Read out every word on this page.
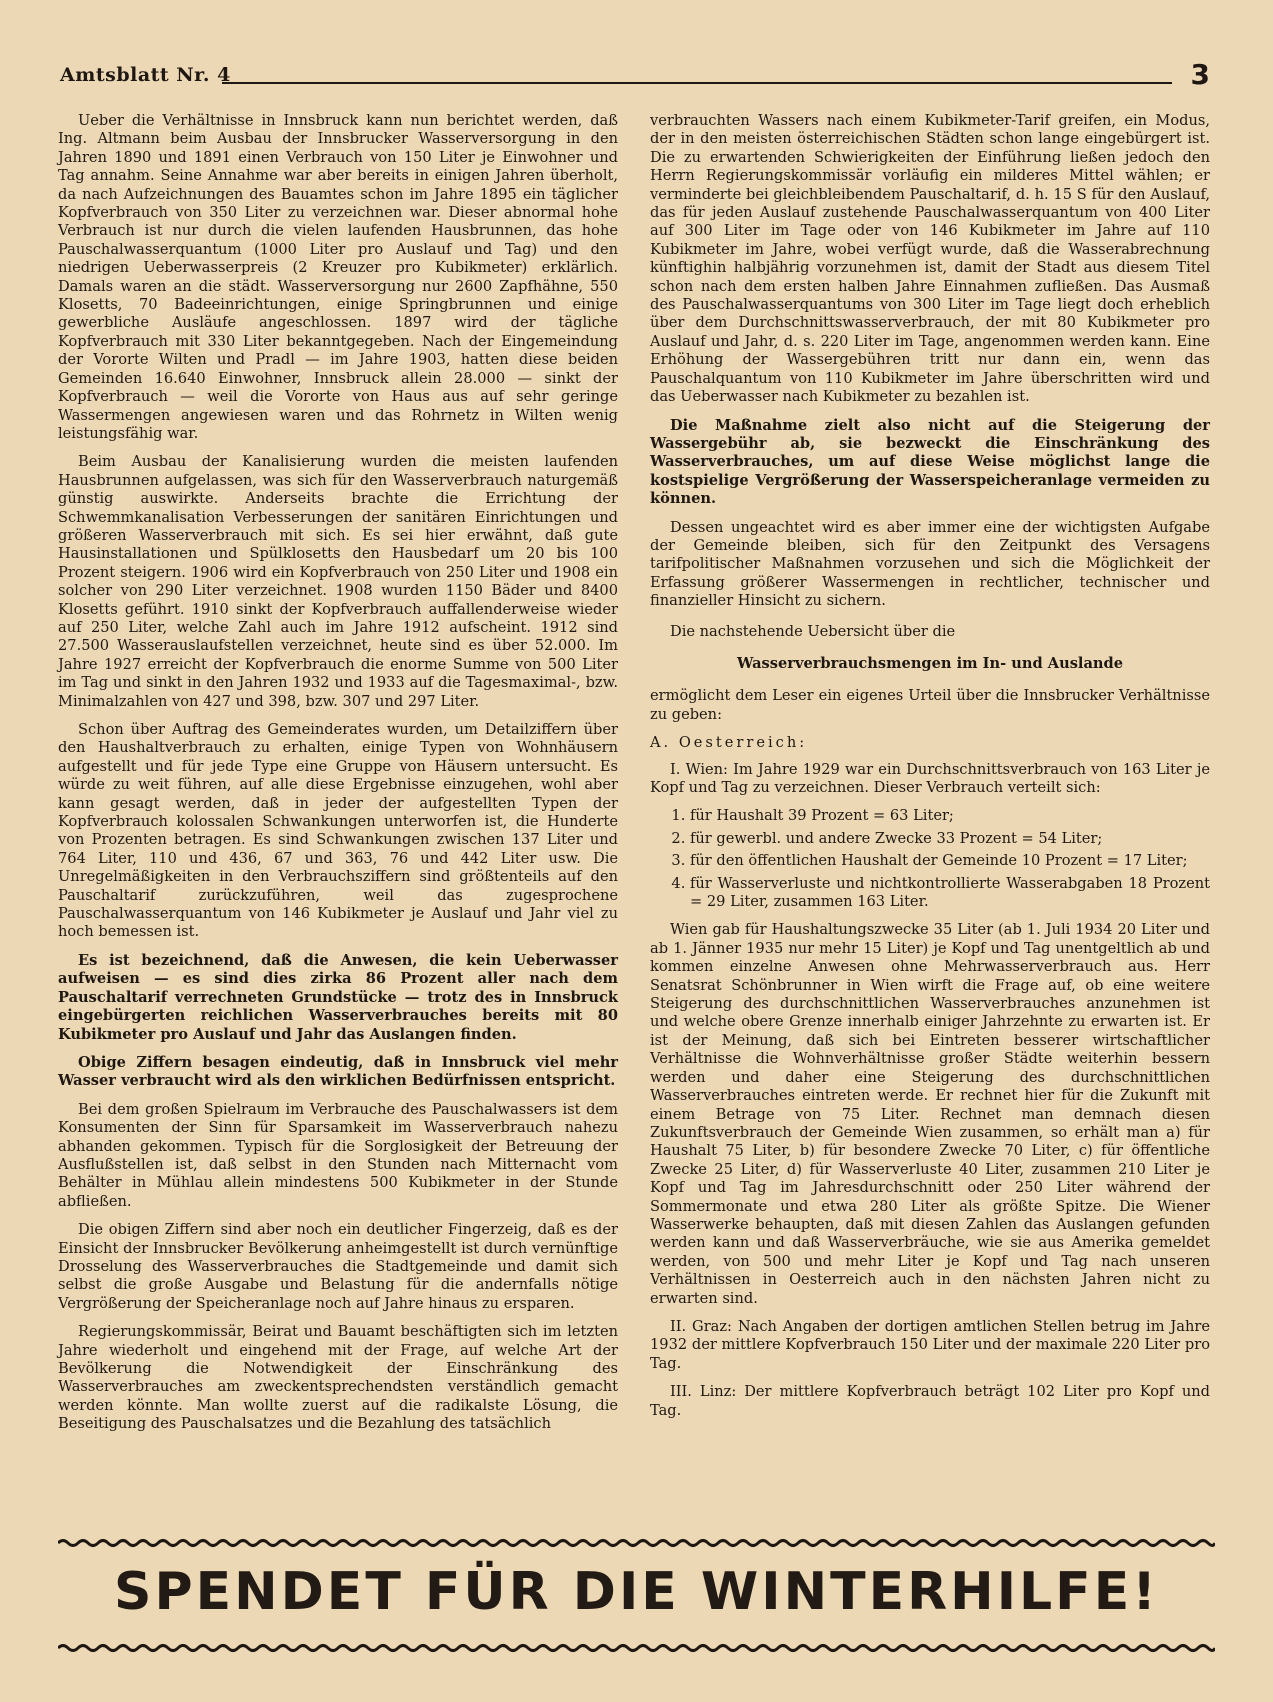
Amtsblatt Nr. 4	3

Ueber die Verhältnisse in Innsbruck kann nun berichtet werden, daß Ing. Altmann beim Ausbau der Innsbrucker Wasserversorgung in den Jahren 1890 und 1891 einen Verbrauch von 150 Liter je Einwohner und Tag annahm. Seine Annahme war aber bereits in einigen Jahren überholt, da nach Aufzeichnungen des Bauamtes schon im Jahre 1895 ein täglicher Kopfverbrauch von 350 Liter zu verzeichnen war. Dieser abnormal hohe Verbrauch ist nur durch die vielen laufenden Hausbrunnen, das hohe Pauschalwasserquantum (1000 Liter pro Auslauf und Tag) und den niedrigen Ueberwasserpreis (2 Kreuzer pro Kubikmeter) erklärlich. Damals waren an die städt. Wasserversorgung nur 2600 Zapfhähne, 550 Klosetts, 70 Badeeinrichtungen, einige Springbrunnen und einige gewerbliche Ausläufe angeschlossen. 1897 wird der tägliche Kopfverbrauch mit 330 Liter bekanntgegeben. Nach der Eingemeindung der Vororte Wilten und Pradl — im Jahre 1903, hatten diese beiden Gemeinden 16.640 Einwohner, Innsbruck allein 28.000 — sinkt der Kopfverbrauch — weil die Vororte von Haus aus auf sehr geringe Wassermengen angewiesen waren und das Rohrnetz in Wilten wenig leistungsfähig war.

Beim Ausbau der Kanalisierung wurden die meisten laufenden Hausbrunnen aufgelassen, was sich für den Wasserverbrauch naturgemäß günstig auswirkte. Anderseits brachte die Errichtung der Schwemmkanalisation Verbesserungen der sanitären Einrichtungen und größeren Wasserverbrauch mit sich. Es sei hier erwähnt, daß gute Hausinstallationen und Spülklosetts den Hausbedarf um 20 bis 100 Prozent steigern. 1906 wird ein Kopfverbrauch von 250 Liter und 1908 ein solcher von 290 Liter verzeichnet. 1908 wurden 1150 Bäder und 8400 Klosetts geführt. 1910 sinkt der Kopfverbrauch auffallenderweise wieder auf 250 Liter, welche Zahl auch im Jahre 1912 aufscheint. 1912 sind 27.500 Wasserauslaufstellen verzeichnet, heute sind es über 52.000. Im Jahre 1927 erreicht der Kopfverbrauch die enorme Summe von 500 Liter im Tag und sinkt in den Jahren 1932 und 1933 auf die Tagesmaximal-, bzw. Minimalzahlen von 427 und 398, bzw. 307 und 297 Liter.

Schon über Auftrag des Gemeinderates wurden, um Detailziffern über den Haushaltverbrauch zu erhalten, einige Typen von Wohnhäusern aufgestellt und für jede Type eine Gruppe von Häusern untersucht. Es würde zu weit führen, auf alle diese Ergebnisse einzugehen, wohl aber kann gesagt werden, daß in jeder der aufgestellten Typen der Kopfverbrauch kolossalen Schwankungen unterworfen ist, die Hunderte von Prozenten betragen. Es sind Schwankungen zwischen 137 Liter und 764 Liter, 110 und 436, 67 und 363, 76 und 442 Liter usw. Die Unregelmäßigkeiten in den Verbrauchsziffern sind größtenteils auf den Pauschaltarif zurückzuführen, weil das zugesprochene Pauschalwasserquantum von 146 Kubikmeter je Auslauf und Jahr viel zu hoch bemessen ist.

Es ist bezeichnend, daß die Anwesen, die kein Ueberwasser aufweisen — es sind dies zirka 86 Prozent aller nach dem Pauschaltarif verrechneten Grundstücke — trotz des in Innsbruck eingebürgerten reichlichen Wasserverbrauches bereits mit 80 Kubikmeter pro Auslauf und Jahr das Auslangen finden.

Obige Ziffern besagen eindeutig, daß in Innsbruck viel mehr Wasser verbraucht wird als den wirklichen Bedürfnissen entspricht.

Bei dem großen Spielraum im Verbrauche des Pauschalwassers ist dem Konsumenten der Sinn für Sparsamkeit im Wasserverbrauch nahezu abhanden gekommen. Typisch für die Sorglosigkeit der Betreuung der Ausflußstellen ist, daß selbst in den Stunden nach Mitternacht vom Behälter in Mühlau allein mindestens 500 Kubikmeter in der Stunde abfließen.

Die obigen Ziffern sind aber noch ein deutlicher Fingerzeig, daß es der Einsicht der Innsbrucker Bevölkerung anheimgestellt ist durch vernünftige Drosselung des Wasserverbrauches die Stadtgemeinde und damit sich selbst die große Ausgabe und Belastung für die andernfalls nötige Vergrößerung der Speicheranlage noch auf Jahre hinaus zu ersparen.

Regierungskommissär, Beirat und Bauamt beschäftigten sich im letzten Jahre wiederholt und eingehend mit der Frage, auf welche Art der Bevölkerung die Notwendigkeit der Einschränkung des Wasserverbrauches am zweckentsprechendsten verständlich gemacht werden könnte. Man wollte zuerst auf die radikalste Lösung, die Beseitigung des Pauschalsatzes und die Bezahlung des tatsächlich

verbrauchten Wassers nach einem Kubikmeter-Tarif greifen, ein Modus, der in den meisten österreichischen Städten schon lange eingebürgert ist. Die zu erwartenden Schwierigkeiten der Einführung ließen jedoch den Herrn Regierungskommissär vorläufig ein milderes Mittel wählen; er verminderte bei gleichbleibendem Pauschaltarif, d. h. 15 S für den Auslauf, das für jeden Auslauf zustehende Pauschalwasserquantum von 400 Liter auf 300 Liter im Tage oder von 146 Kubikmeter im Jahre auf 110 Kubikmeter im Jahre, wobei verfügt wurde, daß die Wasserabrechnung künftighin halbjährig vorzunehmen ist, damit der Stadt aus diesem Titel schon nach dem ersten halben Jahre Einnahmen zufließen. Das Ausmaß des Pauschalwasserquantums von 300 Liter im Tage liegt doch erheblich über dem Durchschnittswasserverbrauch, der mit 80 Kubikmeter pro Auslauf und Jahr, d. s. 220 Liter im Tage, angenommen werden kann. Eine Erhöhung der Wassergebühren tritt nur dann ein, wenn das Pauschalquantum von 110 Kubikmeter im Jahre überschritten wird und das Ueberwasser nach Kubikmeter zu bezahlen ist.

Die Maßnahme zielt also nicht auf die Steigerung der Wassergebühr ab, sie bezweckt die Einschränkung des Wasserverbrauches, um auf diese Weise möglichst lange die kostspielige Vergrößerung der Wasserspeicheranlage vermeiden zu können.

Dessen ungeachtet wird es aber immer eine der wichtigsten Aufgabe der Gemeinde bleiben, sich für den Zeitpunkt des Versagens tarifpolitischer Maßnahmen vorzusehen und sich die Möglichkeit der Erfassung größerer Wassermengen in rechtlicher, technischer und finanzieller Hinsicht zu sichern.

Die nachstehende Uebersicht über die

Wasserverbrauchsmengen im In- und Auslande

ermöglicht dem Leser ein eigenes Urteil über die Innsbrucker Verhältnisse zu geben:

A. Oesterreich:

I. Wien: Im Jahre 1929 war ein Durchschnittsverbrauch von 163 Liter je Kopf und Tag zu verzeichnen. Dieser Verbrauch verteilt sich:

1. für Haushalt 39 Prozent = 63 Liter;
2. für gewerbl. und andere Zwecke 33 Prozent = 54 Liter;
3. für den öffentlichen Haushalt der Gemeinde 10 Prozent = 17 Liter;
4. für Wasserverluste und nichtkontrollierte Wasserabgaben 18 Prozent = 29 Liter, zusammen 163 Liter.

Wien gab für Haushaltungszwecke 35 Liter (ab 1. Juli 1934 20 Liter und ab 1. Jänner 1935 nur mehr 15 Liter) je Kopf und Tag unentgeltlich ab und kommen einzelne Anwesen ohne Mehrwasserverbrauch aus. Herr Senatsrat Schönbrunner in Wien wirft die Frage auf, ob eine weitere Steigerung des durchschnittlichen Wasserverbrauches anzunehmen ist und welche obere Grenze innerhalb einiger Jahrzehnte zu erwarten ist. Er ist der Meinung, daß sich bei Eintreten besserer wirtschaftlicher Verhältnisse die Wohnverhältnisse großer Städte weiterhin bessern werden und daher eine Steigerung des durchschnittlichen Wasserverbrauches eintreten werde. Er rechnet hier für die Zukunft mit einem Betrage von 75 Liter. Rechnet man demnach diesen Zukunftsverbrauch der Gemeinde Wien zusammen, so erhält man a) für Haushalt 75 Liter, b) für besondere Zwecke 70 Liter, c) für öffentliche Zwecke 25 Liter, d) für Wasserverluste 40 Liter, zusammen 210 Liter je Kopf und Tag im Jahresdurchschnitt oder 250 Liter während der Sommermonate und etwa 280 Liter als größte Spitze. Die Wiener Wasserwerke behaupten, daß mit diesen Zahlen das Auslangen gefunden werden kann und daß Wasserverbräuche, wie sie aus Amerika gemeldet werden, von 500 und mehr Liter je Kopf und Tag nach unseren Verhältnissen in Oesterreich auch in den nächsten Jahren nicht zu erwarten sind.

II. Graz: Nach Angaben der dortigen amtlichen Stellen betrug im Jahre 1932 der mittlere Kopfverbrauch 150 Liter und der maximale 220 Liter pro Tag.

III. Linz: Der mittlere Kopfverbrauch beträgt 102 Liter pro Kopf und Tag.

SPENDET FÜR DIE WINTERHILFE!
